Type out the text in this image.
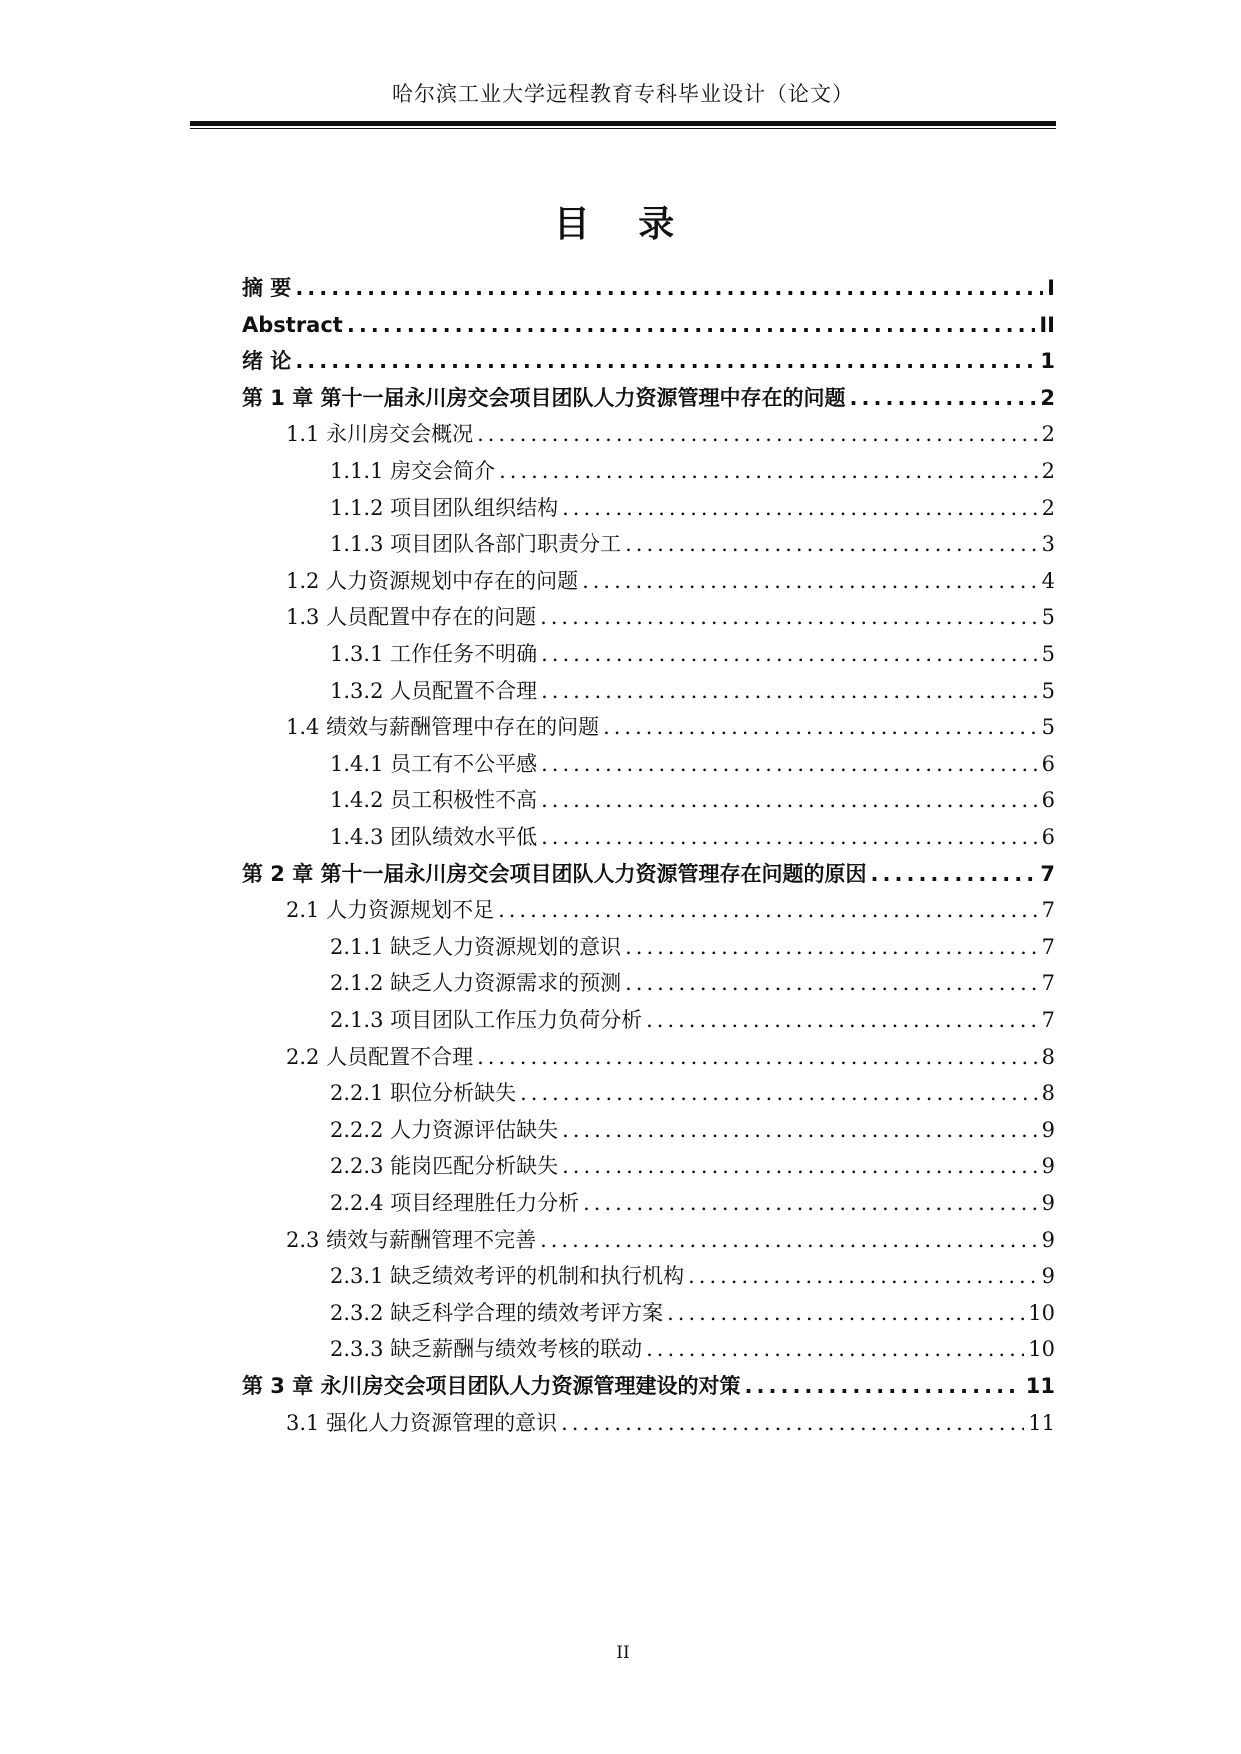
哈尔滨工业大学远程教育专科毕业设计（论文）
目 录
摘 要 .....	I
Abstract .....	II
绪 论 .....	1
第 1 章 第十一届永川房交会项目团队人力资源管理中存在的问题 .....	2
1.1 永川房交会概况 .....	2
1.1.1 房交会简介 .....	2
1.1.2 项目团队组织结构 .....	2
1.1.3 项目团队各部门职责分工 .....	3
1.2 人力资源规划中存在的问题 .....	4
1.3 人员配置中存在的问题 .....	5
1.3.1 工作任务不明确 .....	5
1.3.2 人员配置不合理 .....	5
1.4 绩效与薪酬管理中存在的问题 .....	5
1.4.1 员工有不公平感 .....	6
1.4.2 员工积极性不高 .....	6
1.4.3 团队绩效水平低 .....	6
第 2 章 第十一届永川房交会项目团队人力资源管理存在问题的原因 .....	7
2.1 人力资源规划不足 .....	7
2.1.1 缺乏人力资源规划的意识 .....	7
2.1.2 缺乏人力资源需求的预测 .....	7
2.1.3 项目团队工作压力负荷分析 .....	7
2.2 人员配置不合理 .....	8
2.2.1 职位分析缺失 .....	8
2.2.2 人力资源评估缺失 .....	9
2.2.3 能岗匹配分析缺失 .....	9
2.2.4 项目经理胜任力分析 .....	9
2.3 绩效与薪酬管理不完善 .....	9
2.3.1 缺乏绩效考评的机制和执行机构 .....	9
2.3.2 缺乏科学合理的绩效考评方案 .....	10
2.3.3 缺乏薪酬与绩效考核的联动 .....	10
第 3 章 永川房交会项目团队人力资源管理建设的对策 .....	11
3.1 强化人力资源管理的意识 .....	11
II
